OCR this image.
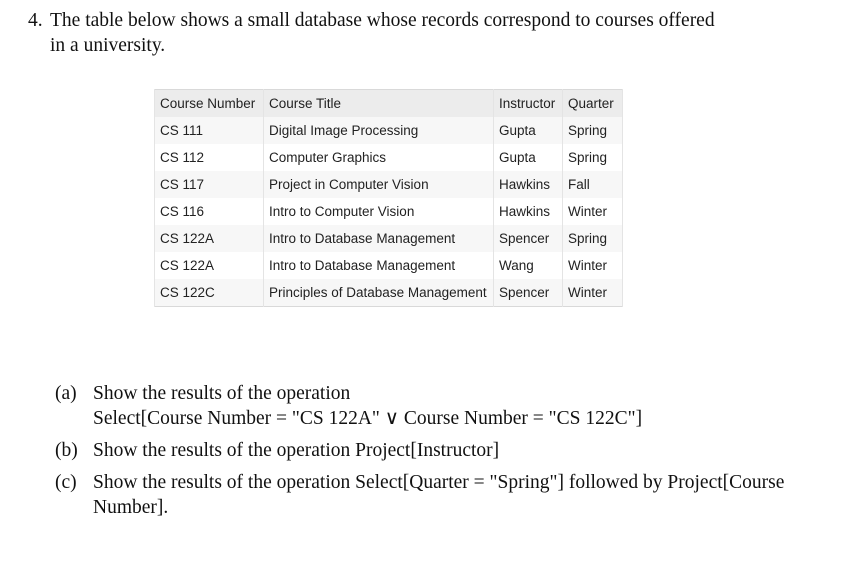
4. The table below shows a small database whose records correspond to courses offered
in a university.
Course Number	Course Title	Instructor	Quarter
CS 111	Digital Image Processing	Gupta	Spring
CS 112	Computer Graphics	Gupta	Spring
CS 117	Project in Computer Vision	Hawkins	Fall
CS 116	Intro to Computer Vision	Hawkins	Winter
CS 122A	Intro to Database Management	Spencer	Spring
CS 122A	Intro to Database Management	Wang	Winter
CS 122C	Principles of Database Management	Spencer	Winter
(a) Show the results of the operation
Select[Course Number = "CS 122A" ∨ Course Number = "CS 122C"]
(b) Show the results of the operation Project[Instructor]
(c) Show the results of the operation Select[Quarter = "Spring"] followed by Project[Course
Number].
